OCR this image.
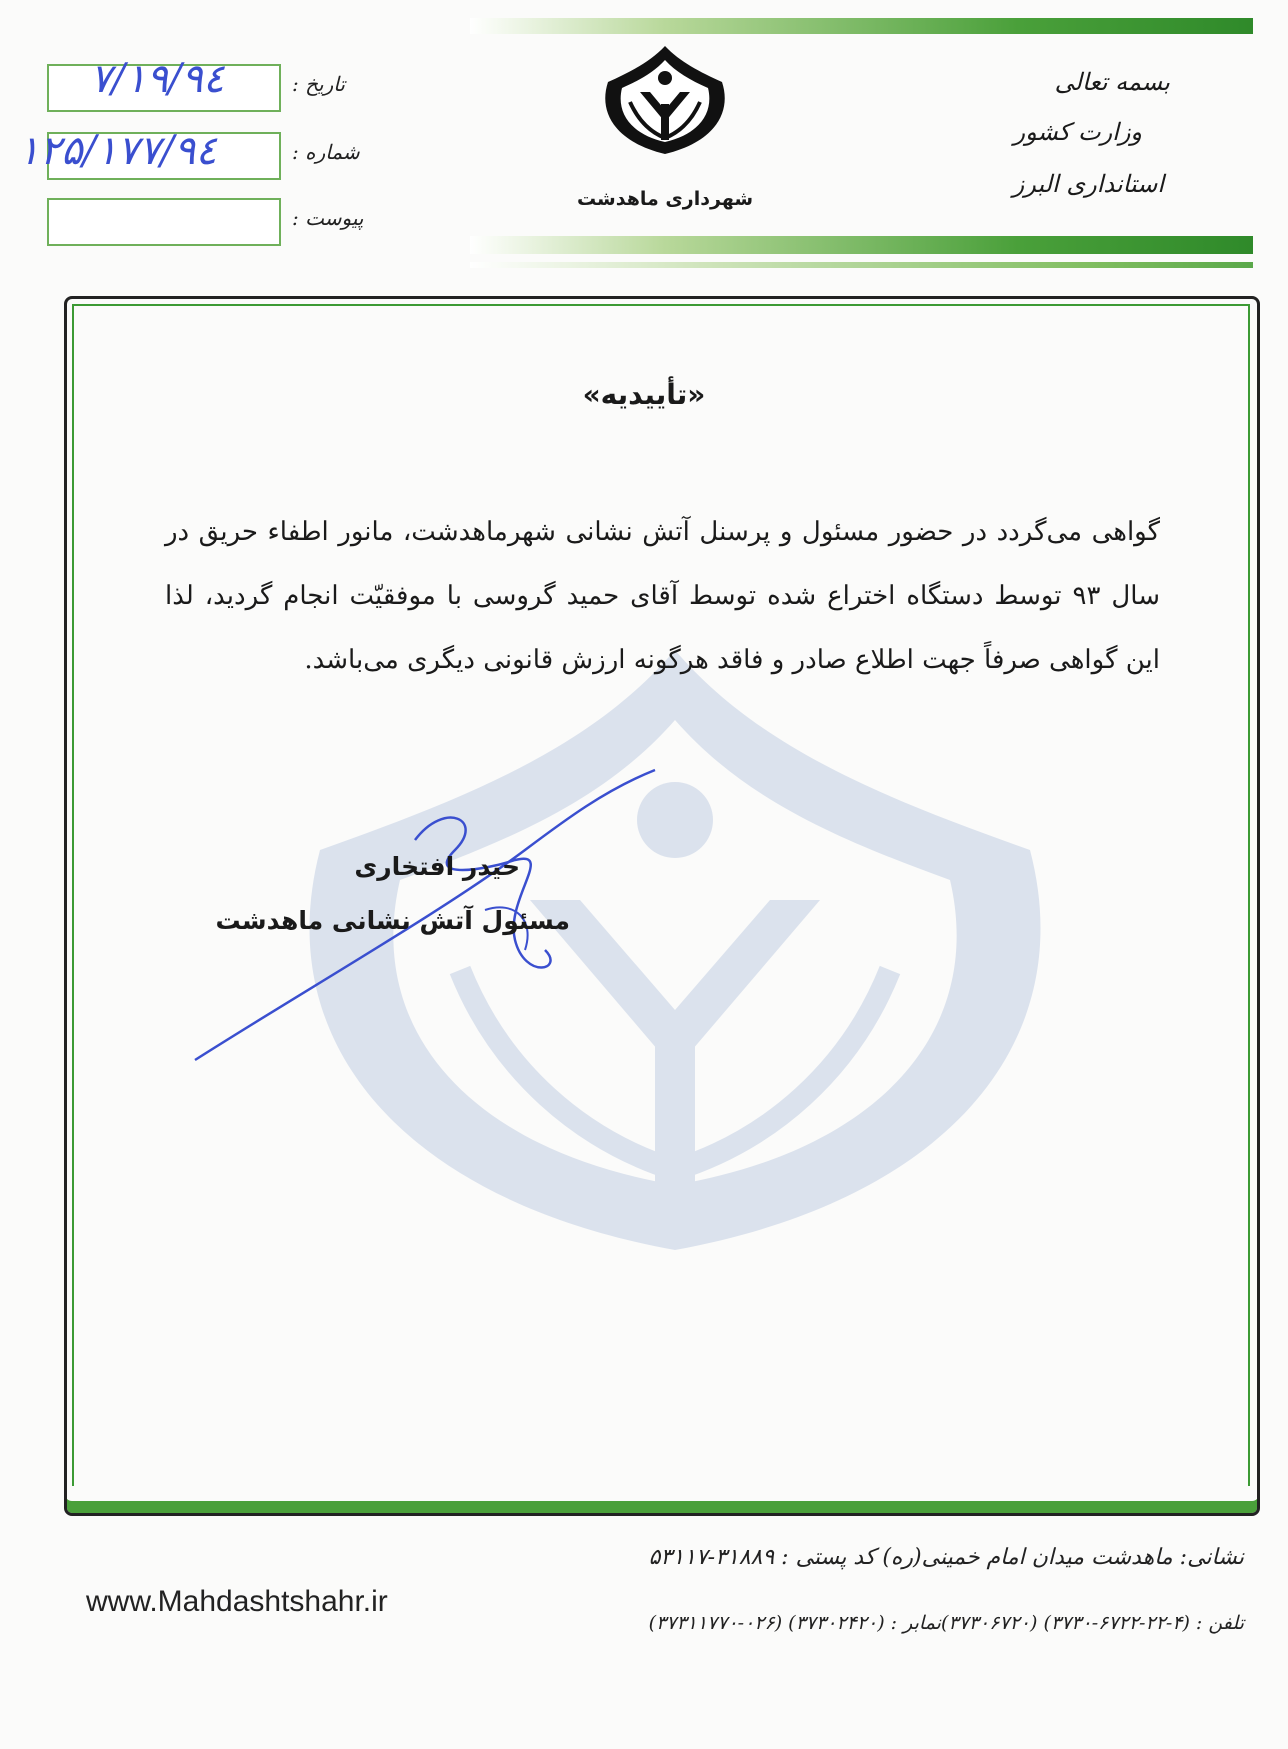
تاریخ :
۹٤/۷/۱۹
شماره :
۹٤/۱۲۵/۱۷۷
پیوست :
شهرداری ماهدشت
بسمه تعالی
وزارت کشور
استانداری البرز
«تأییدیه»
گواهی می‌گردد در حضور مسئول و پرسنل آتش نشانی شهرماهدشت، مانور اطفاء حریق در سال ۹۳ توسط دستگاه اختراع شده توسط آقای حمید گروسی با موفقیّت انجام گردید، لذا این گواهی صرفاً جهت اطلاع صادر و فاقد هرگونه ارزش قانونی دیگری می‌باشد.
حیدر افتخاری
مسئول آتش نشانی ماهدشت
www.Mahdashtshahr.ir
نشانی: ماهدشت میدان امام خمینی(ره) کد پستی : ۳۱۸۸۹-۵۳۱۱۷
تلفن : (۴-۲۲-۶۷۲۲-۳۷۳۰) (۳۷۳۰۶۷۲۰)نمابر : (۳۷۳۰۲۴۲۰) (۰۲۶-۳۷۳۱۱۷۷۰)
